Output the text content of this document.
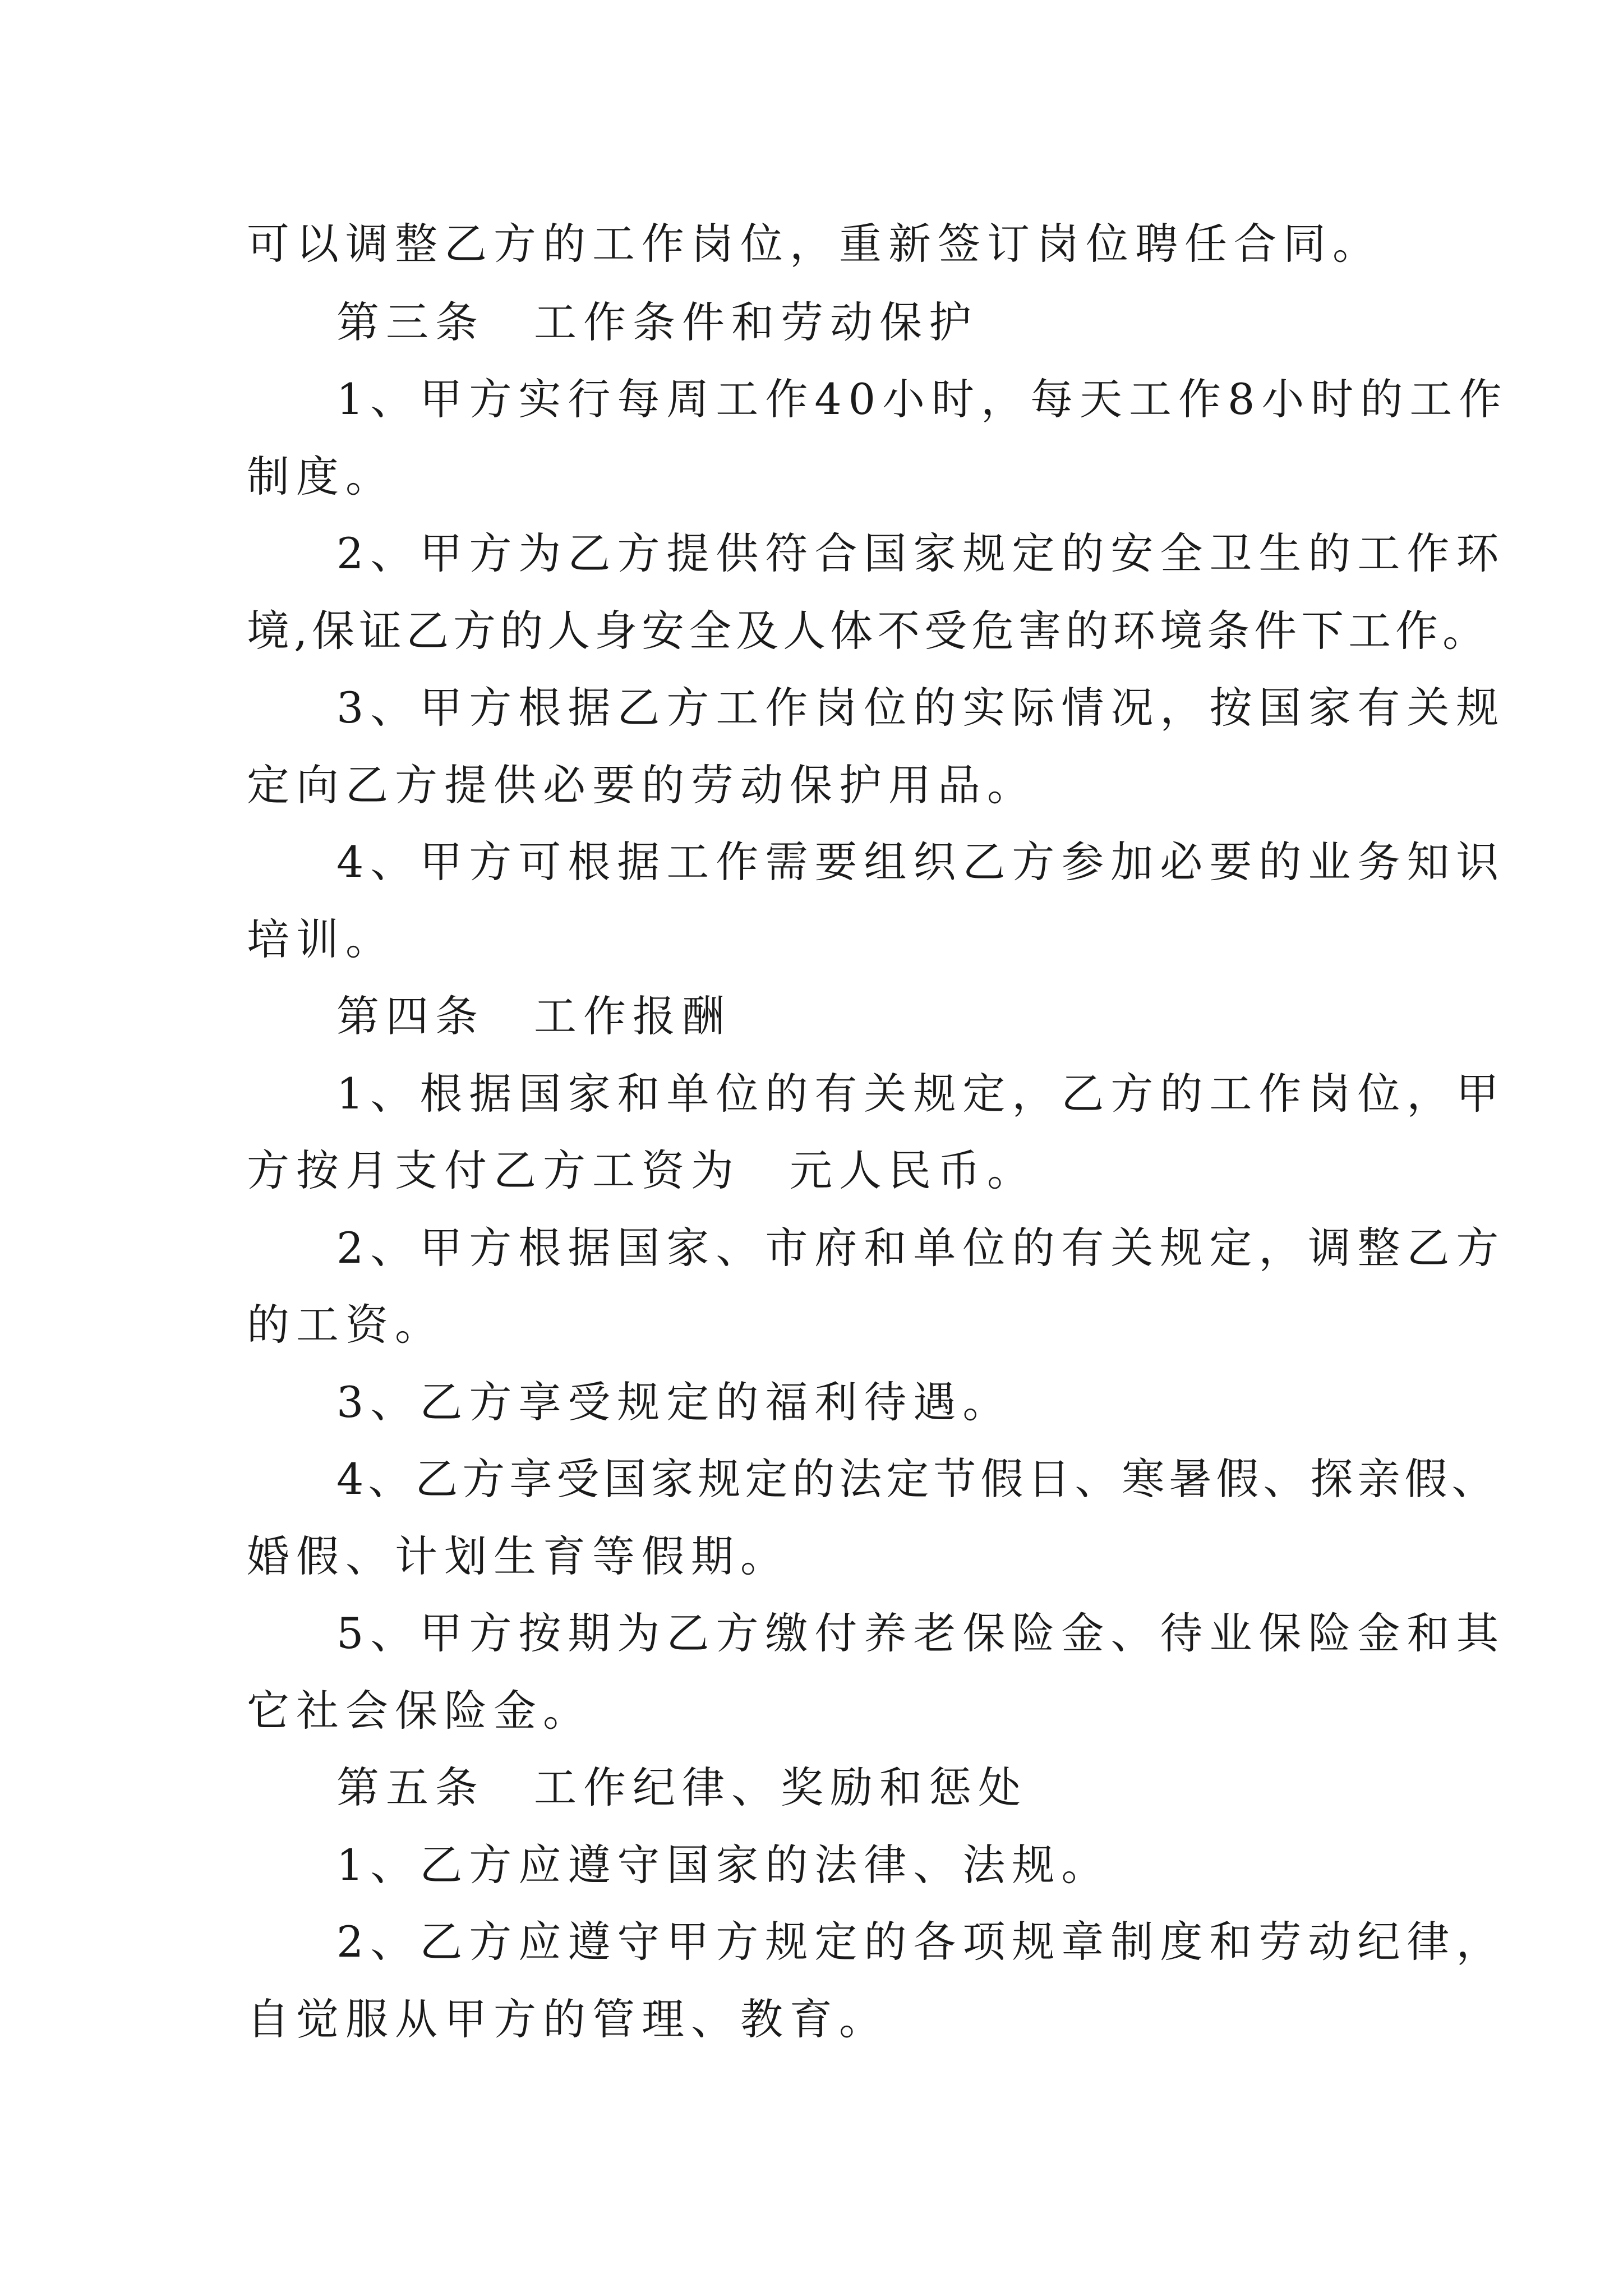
可以调整乙方的工作岗位，重新签订岗位聘任合同。
第三条　工作条件和劳动保护
1、甲方实行每周工作40小时，每天工作8小时的工作
制度。
2、甲方为乙方提供符合国家规定的安全卫生的工作环
境,保证乙方的人身安全及人体不受危害的环境条件下工作。
3、甲方根据乙方工作岗位的实际情况，按国家有关规
定向乙方提供必要的劳动保护用品。
4、甲方可根据工作需要组织乙方参加必要的业务知识
培训。
第四条　工作报酬
1、根据国家和单位的有关规定，乙方的工作岗位，甲
方按月支付乙方工资为　元人民币。
2、甲方根据国家、市府和单位的有关规定，调整乙方
的工资。
3、乙方享受规定的福利待遇。
4、乙方享受国家规定的法定节假日、寒暑假、探亲假、
婚假、计划生育等假期。
5、甲方按期为乙方缴付养老保险金、待业保险金和其
它社会保险金。
第五条　工作纪律、奖励和惩处
1、乙方应遵守国家的法律、法规。
2、乙方应遵守甲方规定的各项规章制度和劳动纪律，
自觉服从甲方的管理、教育。
